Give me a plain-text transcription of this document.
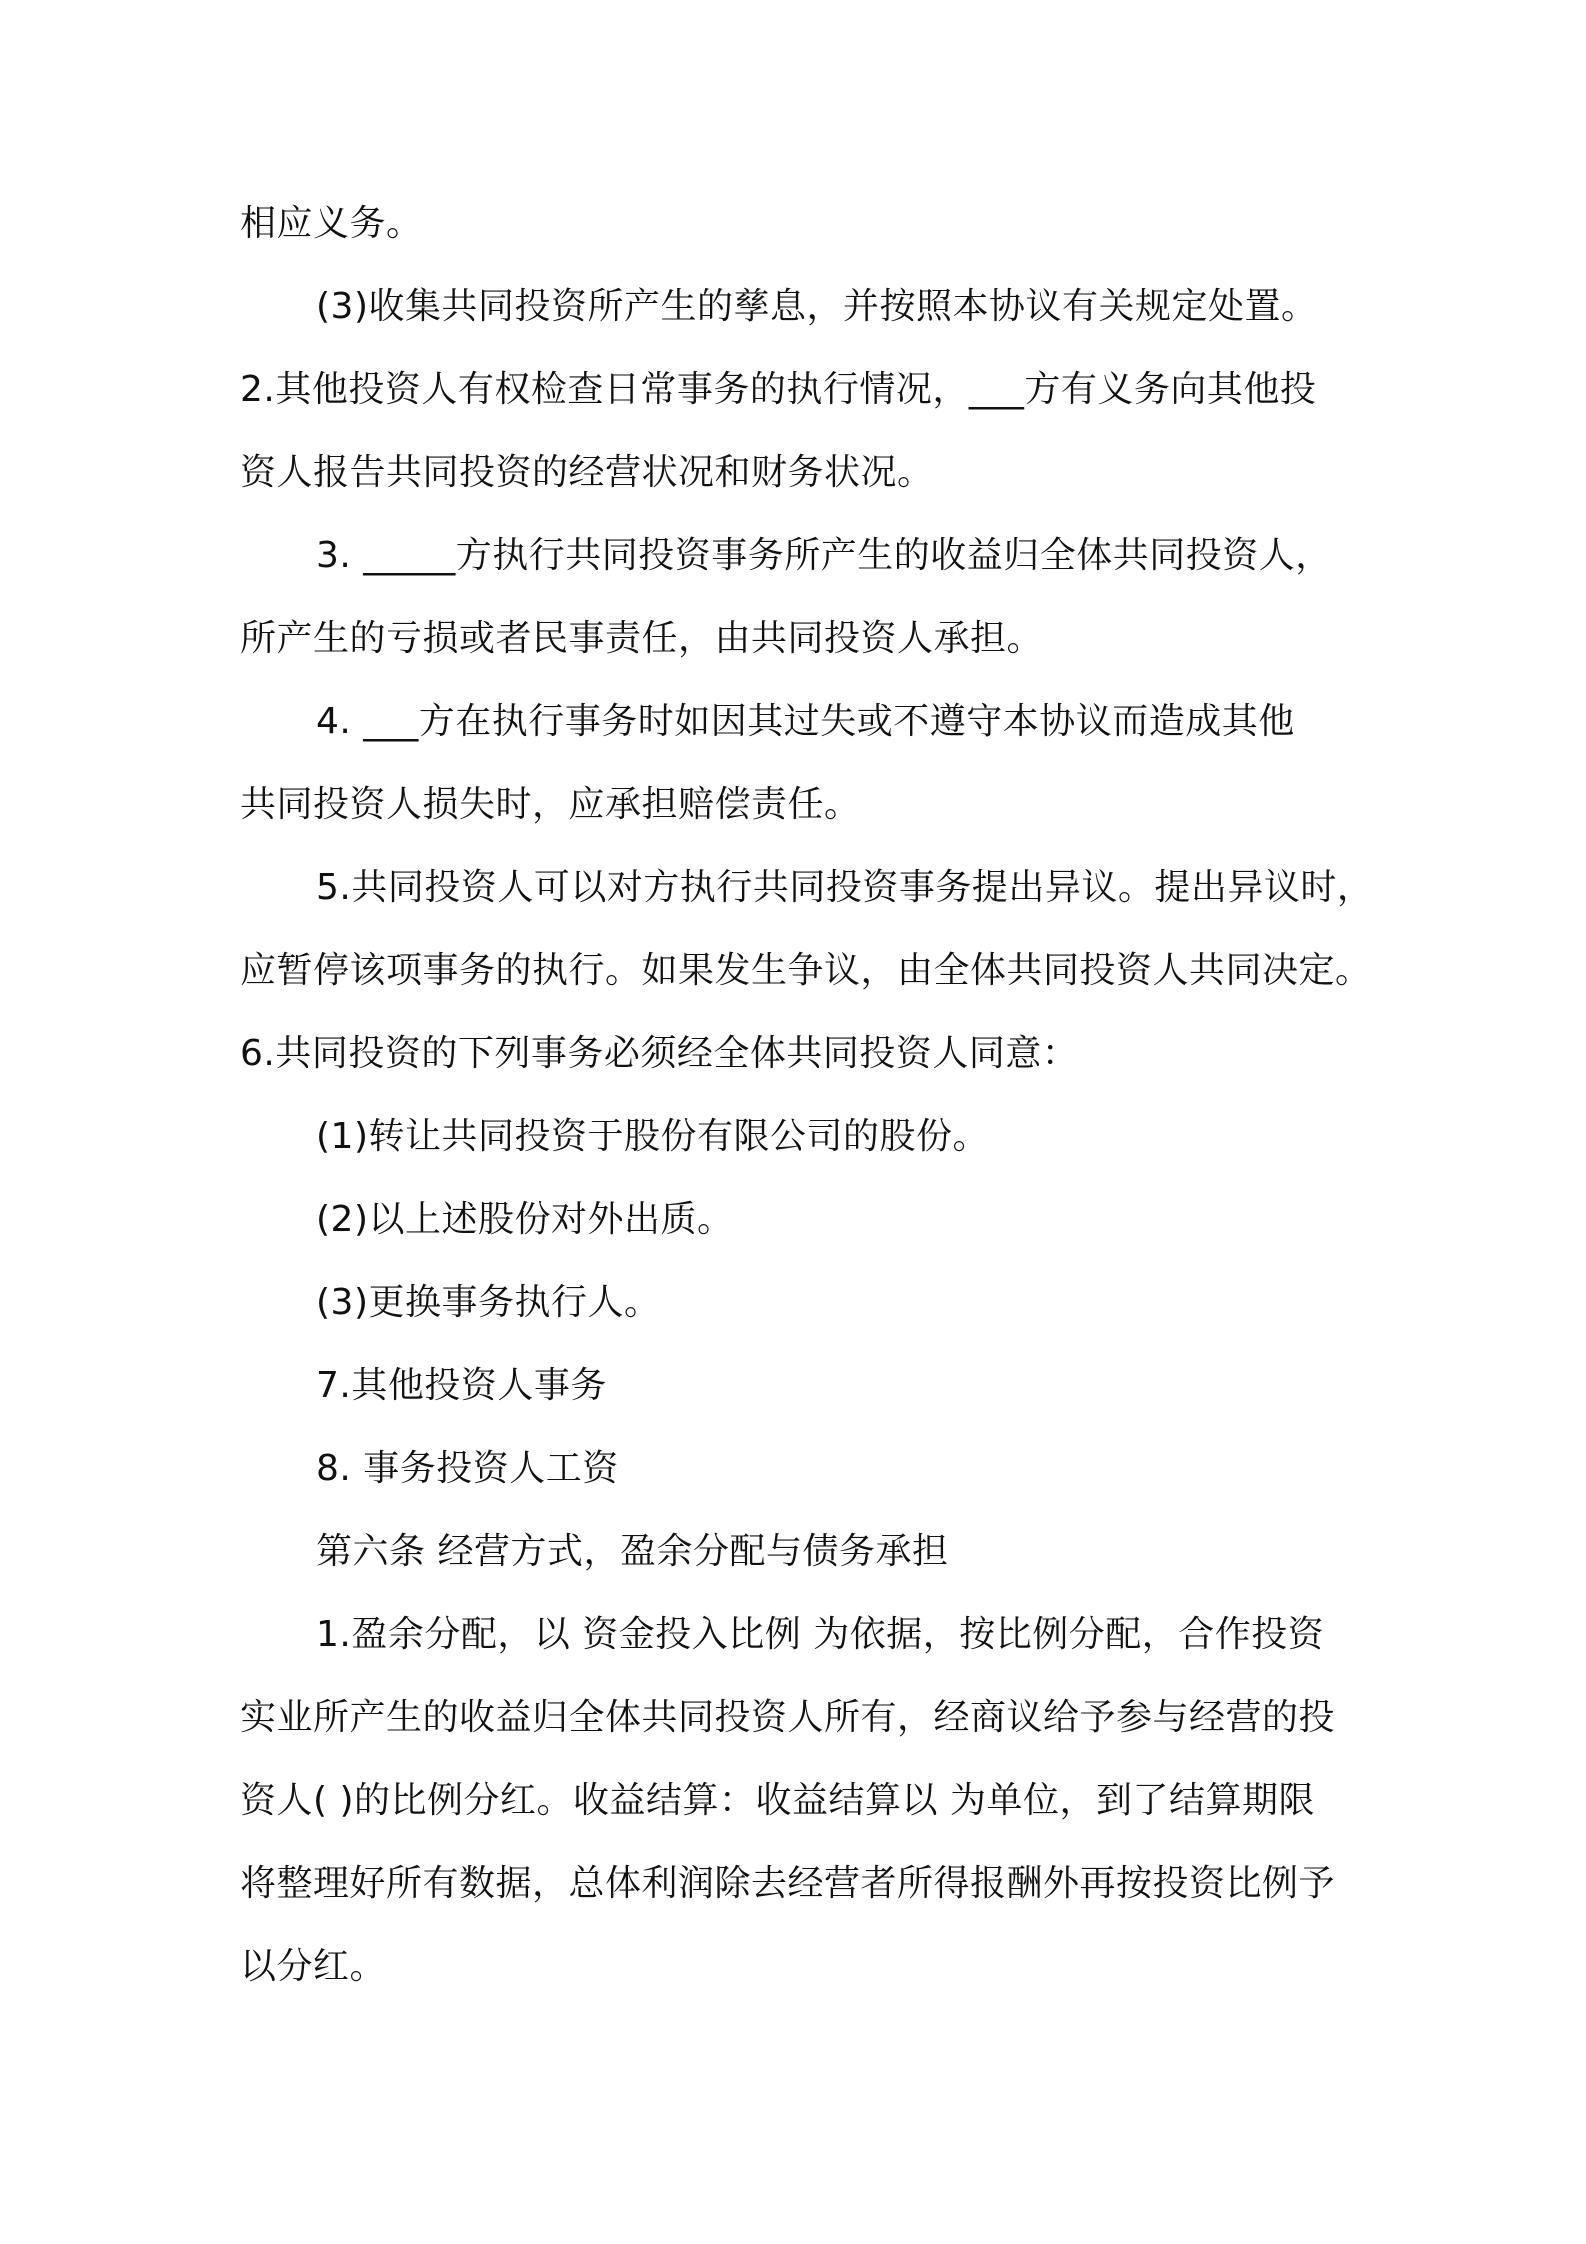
相应义务。
(3)收集共同投资所产生的孳息，并按照本协议有关规定处置。
2.其他投资人有权检查日常事务的执行情况，___方有义务向其他投
资人报告共同投资的经营状况和财务状况。
3. _____方执行共同投资事务所产生的收益归全体共同投资人，
所产生的亏损或者民事责任，由共同投资人承担。
4. ___方在执行事务时如因其过失或不遵守本协议而造成其他
共同投资人损失时，应承担赔偿责任。
5.共同投资人可以对方执行共同投资事务提出异议。提出异议时，
应暂停该项事务的执行。如果发生争议，由全体共同投资人共同决定。
6.共同投资的下列事务必须经全体共同投资人同意：
(1)转让共同投资于股份有限公司的股份。
(2)以上述股份对外出质。
(3)更换事务执行人。
7.其他投资人事务
8. 事务投资人工资
第六条 经营方式，盈余分配与债务承担
1.盈余分配，以 资金投入比例 为依据，按比例分配，合作投资
实业所产生的收益归全体共同投资人所有，经商议给予参与经营的投
资人( )的比例分红。收益结算：收益结算以 为单位，到了结算期限
将整理好所有数据，总体利润除去经营者所得报酬外再按投资比例予
以分红。
